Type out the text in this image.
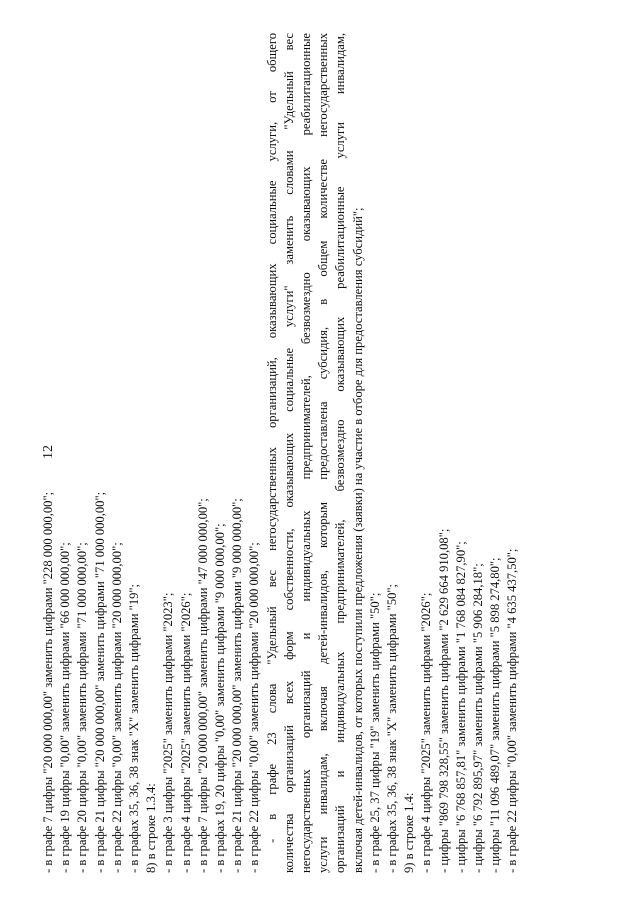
12
- в графе 7 цифры "20 000 000,00" заменить цифрами "228 000 000,00"; - в графе 19 цифры "0,00" заменить цифрами "66 000 000,00"; - в графе 20 цифры "0,00" заменить цифрами "71 000 000,00"; - в графе 21 цифры "20 000 000,00" заменить цифрами "71 000 000,00"; - в графе 22 цифры "0,00" заменить цифрами "20 000 000,00"; - в графах 35, 36, 38 знак "X" заменить цифрами "19"; 8) в строке 1.3.4: - в графе 3 цифры "2025" заменить цифрами "2023"; - в графе 4 цифры "2025" заменить цифрами "2026"; - в графе 7 цифры "20 000 000,00" заменить цифрами "47 000 000,00"; - в графах 19, 20 цифры "0,00" заменить цифрами "9 000 000,00"; - в графе 21 цифры "20 000 000,00" заменить цифрами "9 000 000,00"; - в графе 22 цифры "0,00" заменить цифрами "20 000 000,00"; - в графе 23 слова "Удельный вес негосударственных организаций, оказывающих социальные услуги, от общего количества организаций всех форм собственности, оказывающих социальные услуги" заменить словами "Удельный вес негосударственных организаций и индивидуальных предпринимателей, безвозмездно оказывающих реабилитационные услуги инвалидам, включая детей-инвалидов, которым предоставлена субсидия, в общем количестве негосударственных организаций и индивидуальных предпринимателей, безвозмездно оказывающих реабилитационные услуги инвалидам, включая детей-инвалидов, от которых поступили предложения (заявки) на участие в отборе для предоставления субсидий"; - в графе 25, 37 цифры "19" заменить цифрами "50"; - в графах 35, 36, 38 знак "X" заменить цифрами "50"; 9) в строке 1.4: - в графе 4 цифры "2025" заменить цифрами "2026"; - цифры "869 798 328,55" заменить цифрами "2 629 664 910,08"; - цифры "6 768 857,81" заменить цифрами "1 768 084 827,90"; - цифры "6 792 895,97" заменить цифрами "5 906 284,18"; - цифры "11 096 489,07" заменить цифрами "5 898 274,80"; - в графе 22 цифры "0,00" заменить цифрами "4 635 437,50";
